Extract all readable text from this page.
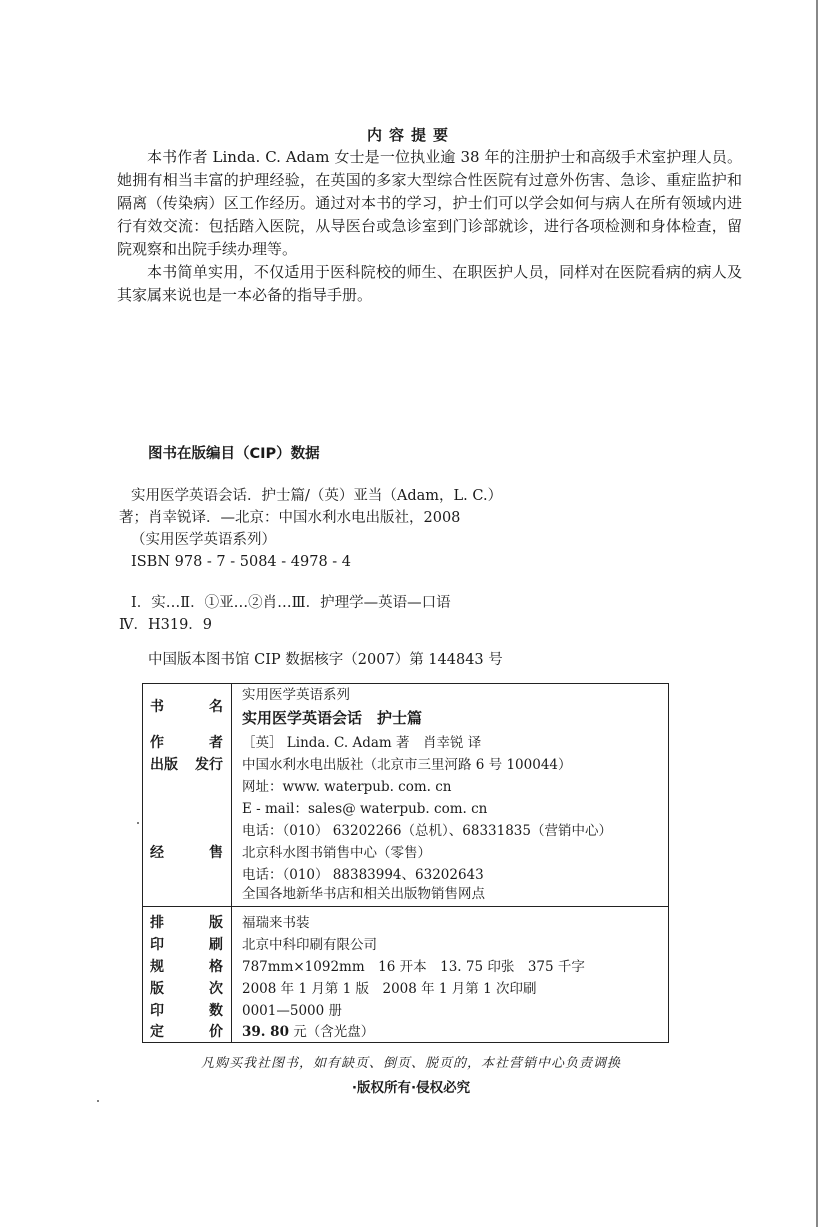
内容提要

本书作者 Linda. C. Adam 女士是一位执业逾 38 年的注册护士和高级手术室护理人员。她拥有相当丰富的护理经验，在英国的多家大型综合性医院有过意外伤害、急诊、重症监护和隔离（传染病）区工作经历。通过对本书的学习，护士们可以学会如何与病人在所有领域内进行有效交流：包括踏入医院，从导医台或急诊室到门诊部就诊，进行各项检测和身体检查，留院观察和出院手续办理等。

本书简单实用，不仅适用于医科院校的师生、在职医护人员，同样对在医院看病的病人及其家属来说也是一本必备的指导手册。

图书在版编目（CIP）数据
实用医学英语会话．护士篇/（英）亚当（Adam，L. C.）
著；肖幸锐译．—北京：中国水利水电出版社，2008
（实用医学英语系列）
ISBN 978 - 7 - 5084 - 4978 - 4
Ⅰ．实…Ⅱ．①亚…②肖…Ⅲ．护理学—英语—口语
Ⅳ．H319．9
中国版本图书馆 CIP 数据核字（2007）第 144843 号
书	名
实用医学英语系列
实用医学英语会话　护士篇
作	者 ［英］ Linda. C. Adam 著　肖幸锐 译
出版 发行 中国水利水电出版社（北京市三里河路 6 号 100044）
网址：www. waterpub. com. cn
E - mail：sales@ waterpub. com. cn
电话：（010） 63202266（总机）、68331835（营销中心）
经	售 北京科水图书销售中心（零售）
电话：（010） 88383994、63202643
全国各地新华书店和相关出版物销售网点
排	版 福瑞来书装
印	刷 北京中科印刷有限公司
规	格 787mm×1092mm　16 开本　13. 75 印张　375 千字
版	次 2008 年 1 月第 1 版　2008 年 1 月第 1 次印刷
印	数 0001—5000 册
定	价 39. 80 元（含光盘）
凡购买我社图书，如有缺页、倒页、脱页的，本社营销中心负责调换
·版权所有·侵权必究
